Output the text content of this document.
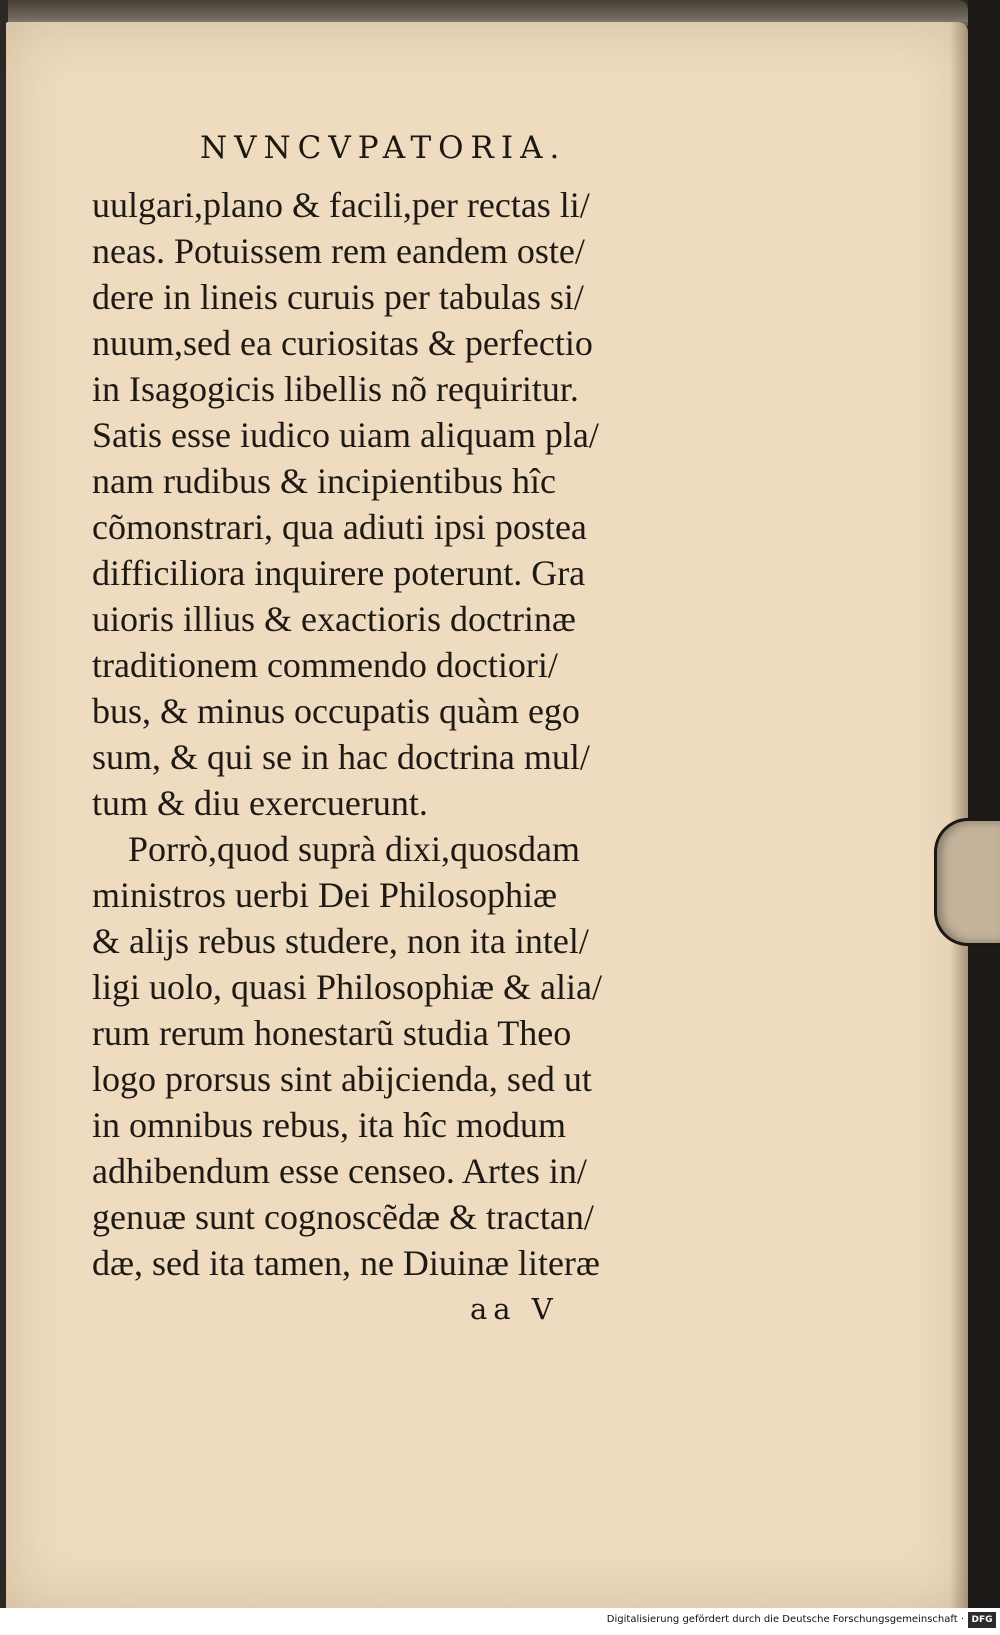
NVNCVPATORIA.
uulgari,plano & facili,per rectas li/
neas. Potuissem rem eandem oste/
dere in lineis curuis per tabulas si/
nuum,sed ea curiositas & perfectio
in Isagogicis libellis nõ requiritur.
Satis esse iudico uiam aliquam pla/
nam rudibus & incipientibus hîc
cõmonstrari, qua adiuti ipsi postea
difficiliora inquirere poterunt. Gra
uioris illius & exactioris doctrinæ
traditionem commendo doctiori/
bus, & minus occupatis quàm ego
sum, & qui se in hac doctrina mul/
tum & diu exercuerunt.
Porrò,quod suprà dixi,quosdam
ministros uerbi Dei Philosophiæ
& alijs rebus studere, non ita intel/
ligi uolo, quasi Philosophiæ & alia/
rum rerum honestarũ studia Theo
logo prorsus sint abijcienda, sed ut
in omnibus rebus, ita hîc modum
adhibendum esse censeo. Artes in/
genuæ sunt cognoscẽdæ & tractan/
dæ, sed ita tamen, ne Diuinæ literæ
aa V
Digitalisierung gefördert durch die Deutsche Forschungsgemeinschaft · DFG
